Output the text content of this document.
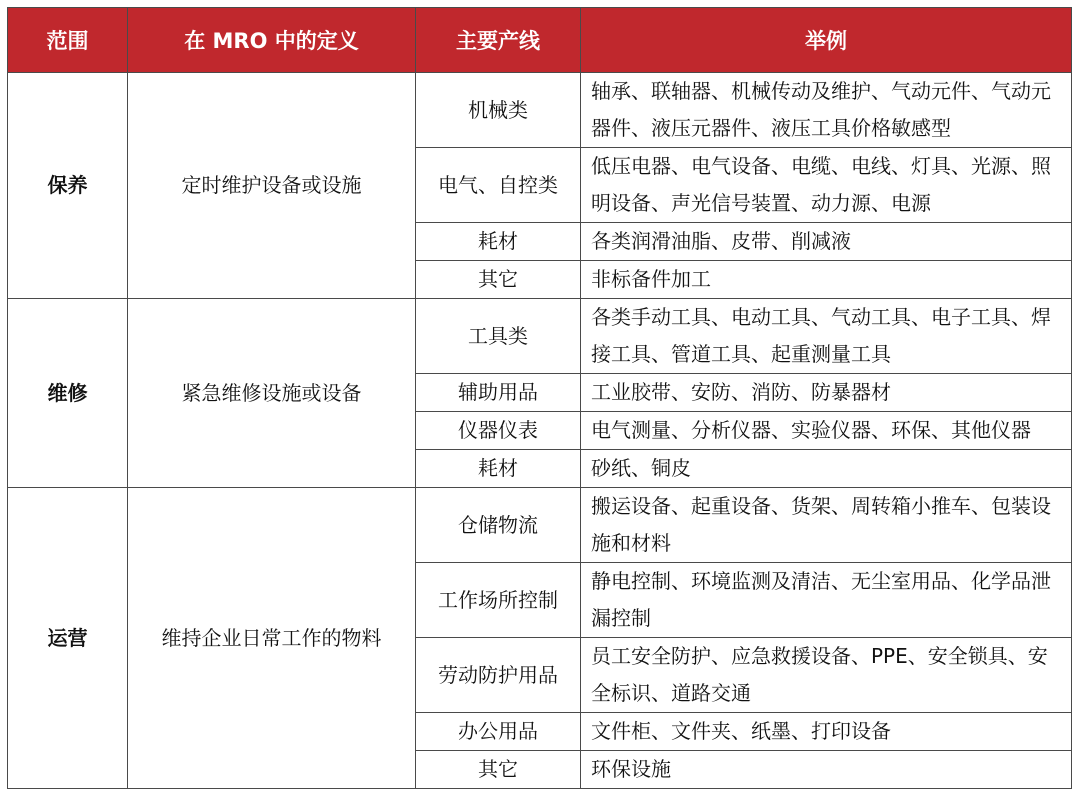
范围	在 MRO 中的定义	主要产线	举例
保养	定时维护设备或设施	机械类	轴承、联轴器、机械传动及维护、气动元件、气动元器件、液压元器件、液压工具价格敏感型
		电气、自控类	低压电器、电气设备、电缆、电线、灯具、光源、照明设备、声光信号装置、动力源、电源
		耗材	各类润滑油脂、皮带、削减液
		其它	非标备件加工
维修	紧急维修设施或设备	工具类	各类手动工具、电动工具、气动工具、电子工具、焊接工具、管道工具、起重测量工具
		辅助用品	工业胶带、安防、消防、防暴器材
		仪器仪表	电气测量、分析仪器、实验仪器、环保、其他仪器
		耗材	砂纸、铜皮
运营	维持企业日常工作的物料	仓储物流	搬运设备、起重设备、货架、周转箱小推车、包装设施和材料
		工作场所控制	静电控制、环境监测及清洁、无尘室用品、化学品泄漏控制
		劳动防护用品	员工安全防护、应急救援设备、PPE、安全锁具、安全标识、道路交通
		办公用品	文件柜、文件夹、纸墨、打印设备
		其它	环保设施
